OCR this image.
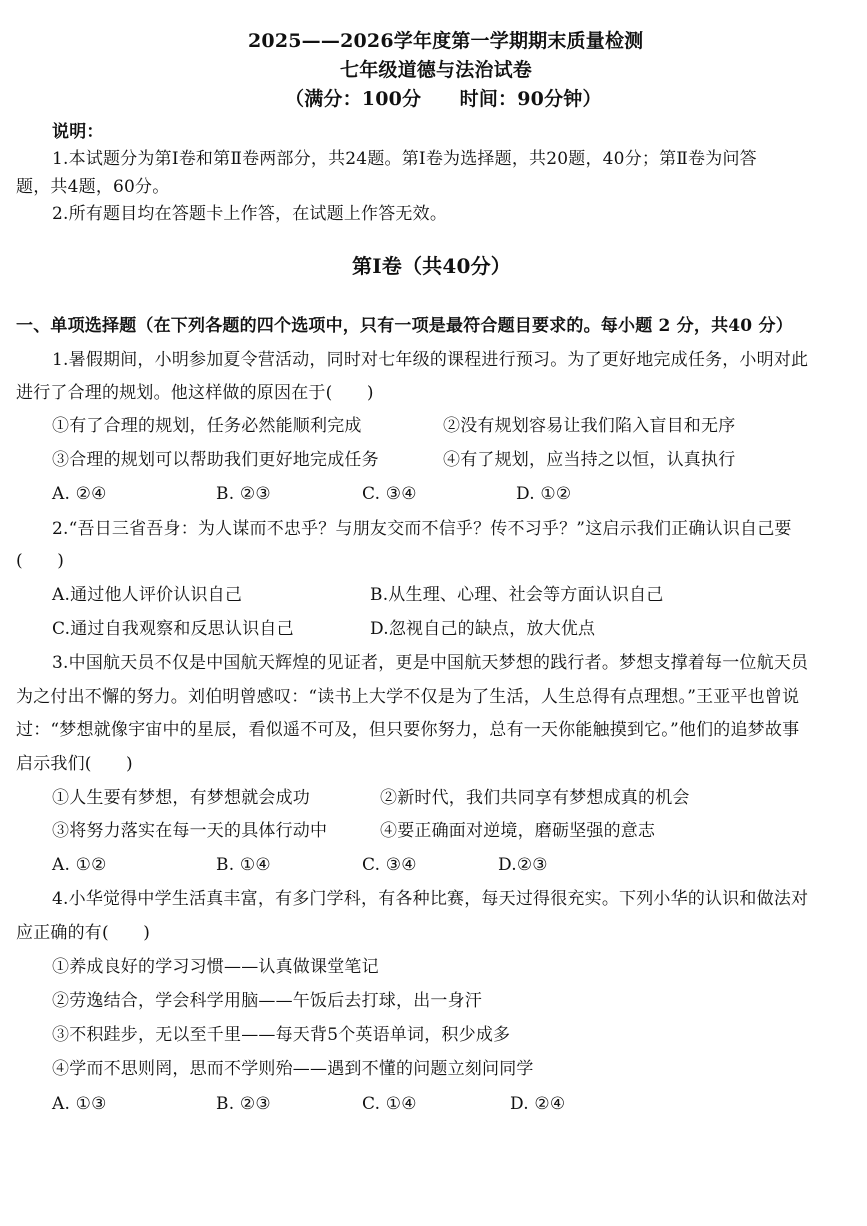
2025——2026学年度第一学期期末质量检测
七年级道德与法治试卷
（满分：100分　　时间：90分钟）
说明：
1.本试题分为第Ⅰ卷和第Ⅱ卷两部分，共24题。第Ⅰ卷为选择题，共20题，40分；第Ⅱ卷为问答
题，共4题，60分。
2.所有题目均在答题卡上作答，在试题上作答无效。
第Ⅰ卷（共40分）
一、单项选择题（在下列各题的四个选项中，只有一项是最符合题目要求的。每小题 2 分，共40 分）
1.暑假期间，小明参加夏令营活动，同时对七年级的课程进行预习。为了更好地完成任务，小明对此
进行了合理的规划。他这样做的原因在于(　　)
①有了合理的规划，任务必然能顺利完成	②没有规划容易让我们陷入盲目和无序
③合理的规划可以帮助我们更好地完成任务	④有了规划，应当持之以恒，认真执行
A. ②④	B. ②③	C. ③④	D. ①②
2.“吾日三省吾身：为人谋而不忠乎？与朋友交而不信乎？传不习乎？”这启示我们正确认识自己要
(　　)
A.通过他人评价认识自己	B.从生理、心理、社会等方面认识自己
C.通过自我观察和反思认识自己	D.忽视自己的缺点，放大优点
3.中国航天员不仅是中国航天辉煌的见证者，更是中国航天梦想的践行者。梦想支撑着每一位航天员
为之付出不懈的努力。刘伯明曾感叹：“读书上大学不仅是为了生活，人生总得有点理想。”王亚平也曾说
过：“梦想就像宇宙中的星辰，看似遥不可及，但只要你努力，总有一天你能触摸到它。”他们的追梦故事
启示我们(　　)
①人生要有梦想，有梦想就会成功	②新时代，我们共同享有梦想成真的机会
③将努力落实在每一天的具体行动中	④要正确面对逆境，磨砺坚强的意志
A. ①②	B. ①④	C. ③④	D.②③
4.小华觉得中学生活真丰富，有多门学科，有各种比赛，每天过得很充实。下列小华的认识和做法对
应正确的有(　　)
①养成良好的学习习惯——认真做课堂笔记
②劳逸结合，学会科学用脑——午饭后去打球，出一身汗
③不积跬步，无以至千里——每天背5个英语单词，积少成多
④学而不思则罔，思而不学则殆——遇到不懂的问题立刻问同学
A. ①③	B. ②③	C. ①④	D. ②④
